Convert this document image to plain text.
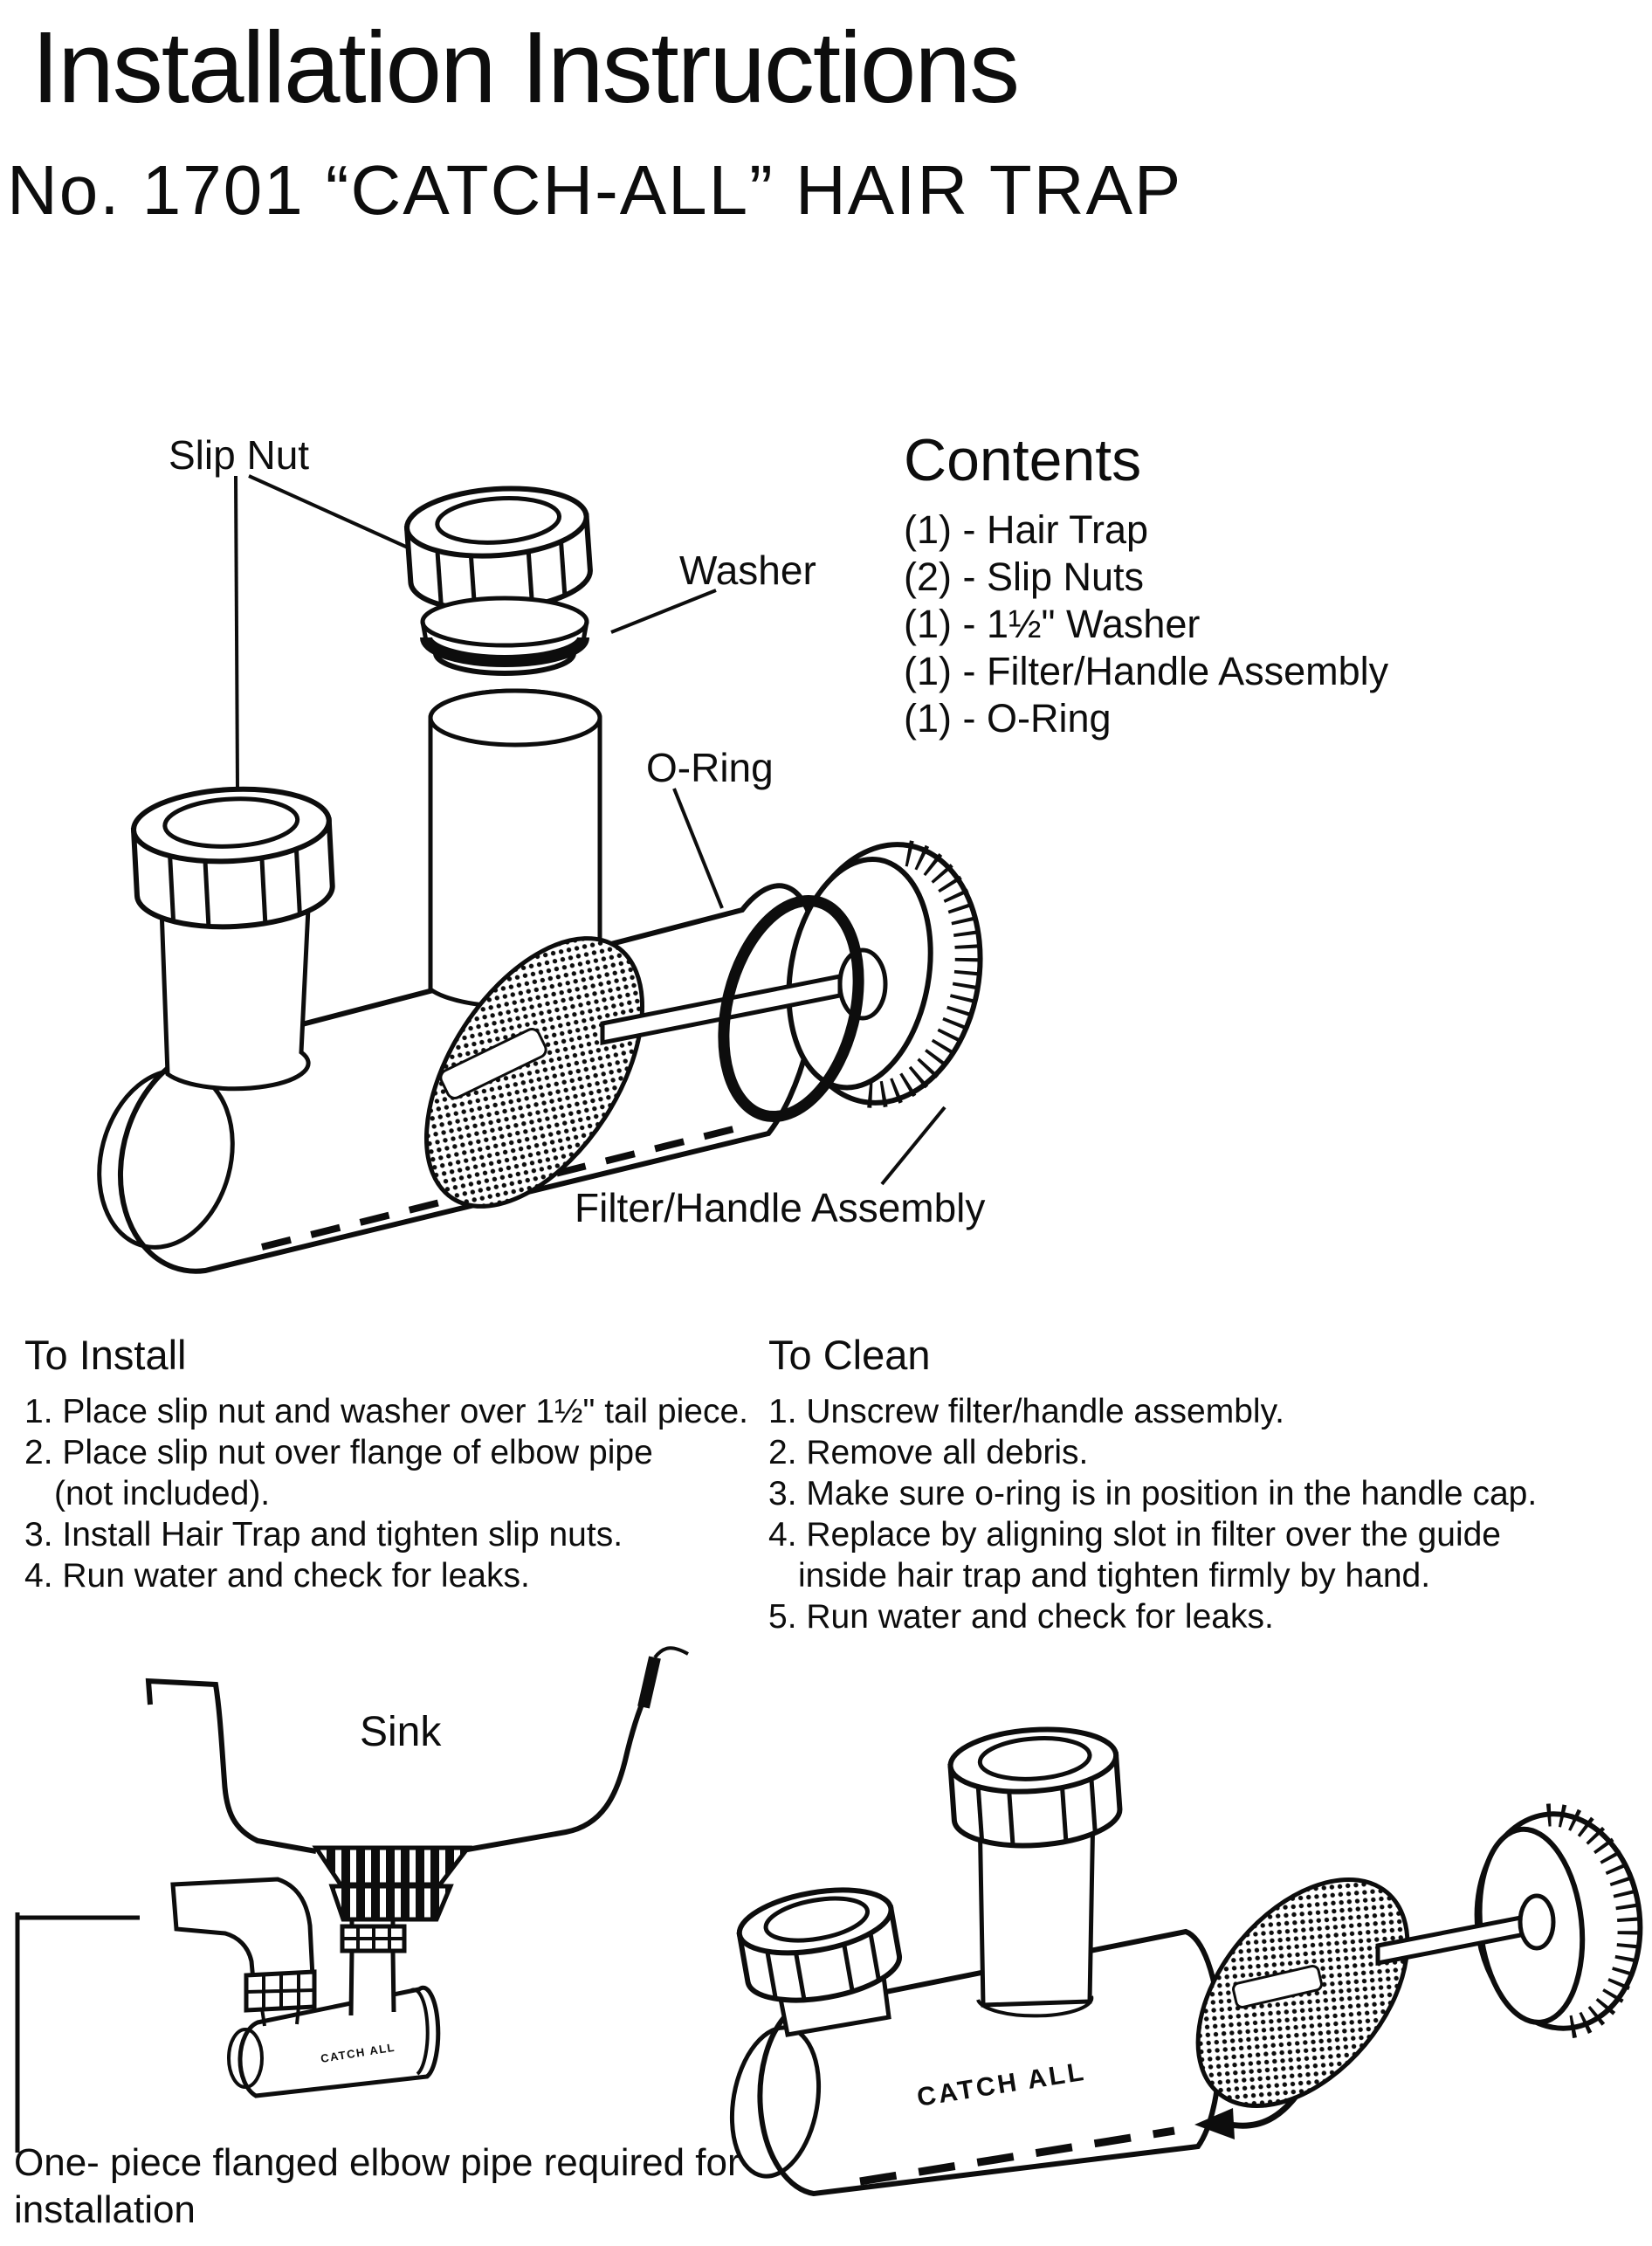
CATCH ALL
CATCH ALL
Installation Instructions
No. 1701 “CATCH-ALL” HAIR TRAP
Contents
(1) - Hair Trap
(2) - Slip Nuts
(1) - 1½" Washer
(1) - Filter/Handle Assembly
(1) - O-Ring
Slip Nut
Washer
O-Ring
Filter/Handle Assembly
To Install
1. Place slip nut and washer over 1½" tail piece.
2. Place slip nut over flange of elbow pipe
(not included).
3. Install Hair Trap and tighten slip nuts.
4. Run water and check for leaks.
To Clean
1. Unscrew filter/handle assembly.
2. Remove all debris.
3. Make sure o-ring is in position in the handle cap.
4. Replace by aligning slot in filter over the guide
inside hair trap and tighten firmly by hand.
5. Run water and check for leaks.
Sink
One- piece flanged elbow pipe required for
installation
